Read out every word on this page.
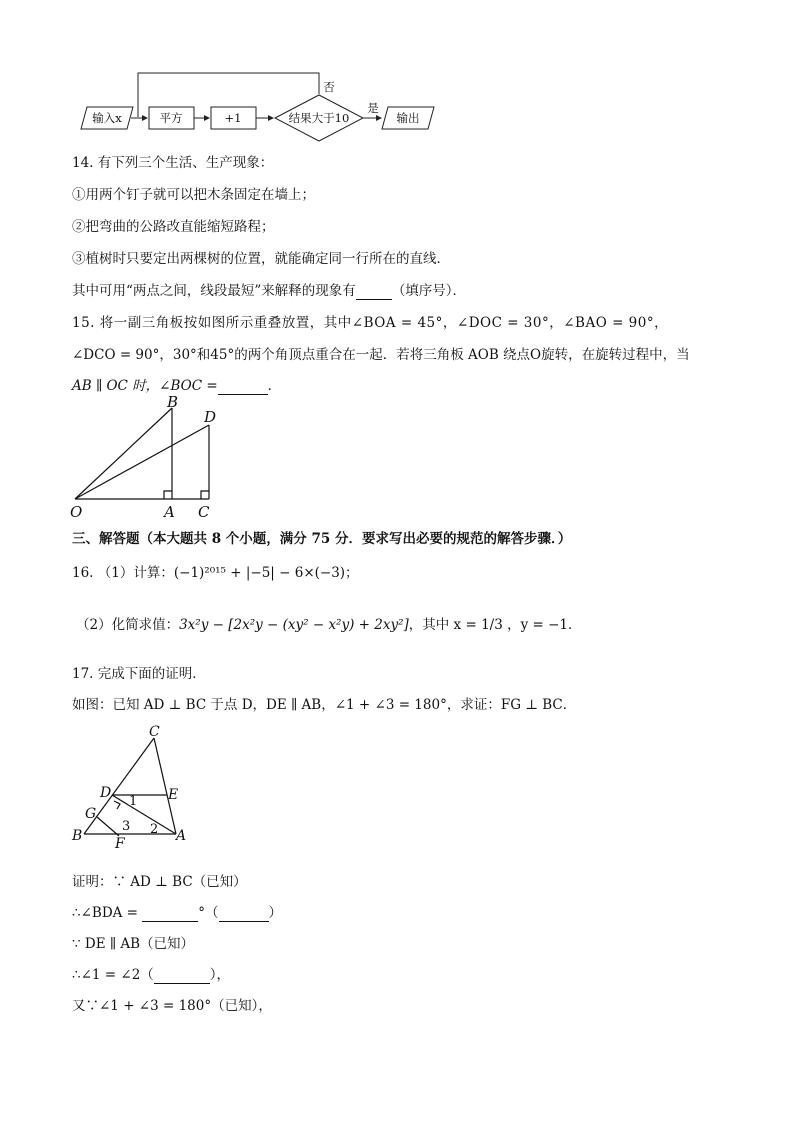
输入x	平方	+1	结果大于10	输出
否
是
14. 有下列三个生活、生产现象：
①用两个钉子就可以把木条固定在墙上；
②把弯曲的公路改直能缩短路程；
③植树时只要定出两棵树的位置，就能确定同一行所在的直线．
其中可用“两点之间，线段最短”来解释的现象有	（填序号）．
15. 将一副三角板按如图所示重叠放置，其中∠BOA = 45°，∠DOC = 30°，∠BAO = 90°，
∠DCO = 90°，30°和45°的两个角顶点重合在一起．若将三角板 AOB 绕点O旋转，在旋转过程中，当
AB ∥ OC 时，∠BOC =	．
B
D
O	A C
三、解答题（本大题共 8 个小题，满分 75 分．要求写出必要的规范的解答步骤．）
16. （1）计算：(−1)²⁰¹⁵ + |−5| − 6×(−3)；
（2）化简求值：3x²y − [2x²y − (xy² − x²y) + 2xy²]，其中 x = 1/3 ，y = −1．
17. 完成下面的证明．
如图：已知 AD ⊥ BC 于点 D，DE ∥ AB，∠1 + ∠3 = 180°，求证：FG ⊥ BC．
C
D	E
G
B F	A
1
2
3
证明：∵ AD ⊥ BC（已知）
∴∠BDA =	°（	）
∵ DE ∥ AB（已知）
∴∠1 = ∠2（	），
又∵∠1 + ∠3 = 180°（已知），
